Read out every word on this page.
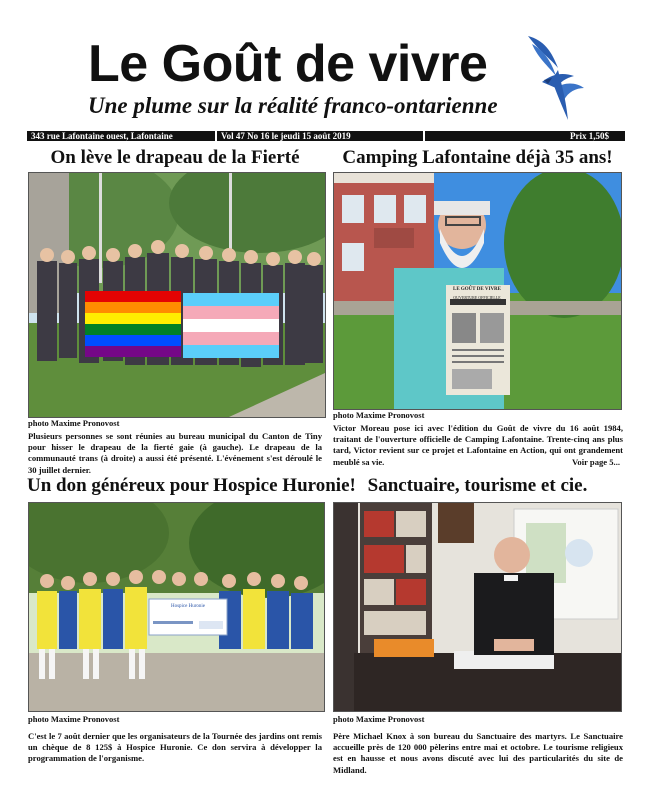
Le Goût de vivre
Une plume sur la réalité franco-ontarienne
343 rue Lafontaine ouest, Lafontaine	Vol 47 No 16 le jeudi 15 août 2019	Prix 1,50$
On lève le drapeau de la Fierté
photo Maxime Pronovost
Plusieurs personnes se sont réunies au bureau municipal du Canton de Tiny pour hisser le drapeau de la fierté gaie (à gauche). Le drapeau de la communauté trans (à droite) a aussi été présenté. L'événement s'est déroulé le 30 juillet dernier.
Camping Lafontaine déjà 35 ans!
LE GOÛT DE VIVRE
OUVERTURE OFFICIELLE
photo Maxime Pronovost
Victor Moreau pose ici avec l'édition du Goût de vivre du 16 août 1984, traitant de l'ouverture officielle de Camping Lafontaine. Trente-cinq ans plus tard, Victor revient sur ce projet et Lafontaine en Action, qui ont grandement meublé sa vie.	Voir page 5...
Un don généreux pour Hospice Huronie!
Hospice Huronie
photo Maxime Pronovost
C'est le 7 août dernier que les organisateurs de la Tournée des jardins ont remis un chèque de 8 125$ à Hospice Huronie. Ce don servira à développer la programmation de l'organisme.
Sanctuaire, tourisme et cie.
photo Maxime Pronovost
Père Michael Knox à son bureau du Sanctuaire des martyrs. Le Sanctuaire accueille près de 120 000 pèlerins entre mai et octobre. Le tourisme religieux est en hausse et nous avons discuté avec lui des particularités du site de Midland.
